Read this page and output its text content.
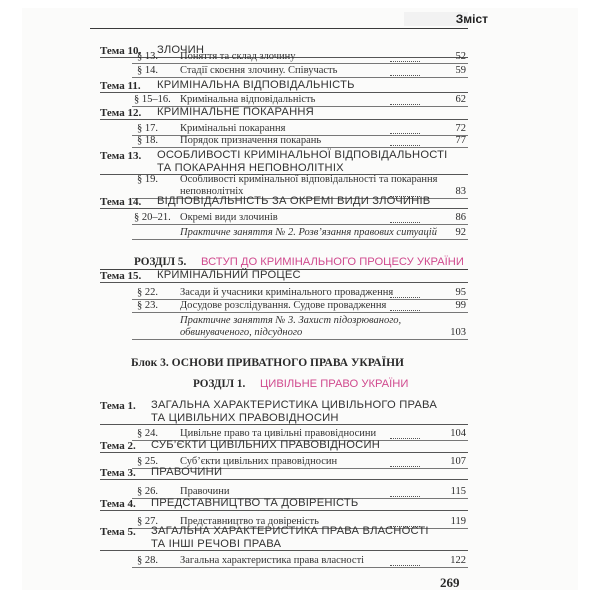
Зміст
Тема 10. ЗЛОЧИН
§ 13. Поняття та склад злочину	52
§ 14. Стадії скоєння злочину. Співучасть	59
Тема 11. КРИМІНАЛЬНА ВІДПОВІДАЛЬНІСТЬ
§ 15–16. Кримінальна відповідальність	62
Тема 12. КРИМІНАЛЬНЕ ПОКАРАННЯ
§ 17. Кримінальні покарання	72
§ 18. Порядок призначення покарань	77
Тема 13. ОСОБЛИВОСТІ КРИМІНАЛЬНОЇ ВІДПОВІДАЛЬНОСТІ
ТА ПОКАРАННЯ НЕПОВНОЛІТНІХ
§ 19. Особливості кримінальної відповідальності та покарання
неповнолітніх	83
Тема 14. ВІДПОВІДАЛЬНІСТЬ ЗА ОКРЕМІ ВИДИ ЗЛОЧИНІВ
§ 20–21. Окремі види злочинів	86
Практичне заняття № 2. Розв’язання правових ситуацій	92
РОЗДІЛ 5. ВСТУП ДО КРИМІНАЛЬНОГО ПРОЦЕСУ УКРАЇНИ
Тема 15. КРИМІНАЛЬНИЙ ПРОЦЕС
§ 22. Засади й учасники кримінального провадження	95
§ 23. Досудове розслідування. Судове провадження	99
Практичне заняття № 3. Захист підозрюваного,
обвинуваченого, підсудного	103
Блок 3. ОСНОВИ ПРИВАТНОГО ПРАВА УКРАЇНИ
РОЗДІЛ 1. ЦИВІЛЬНЕ ПРАВО УКРАЇНИ
Тема 1. ЗАГАЛЬНА ХАРАКТЕРИСТИКА ЦИВІЛЬНОГО ПРАВА
ТА ЦИВІЛЬНИХ ПРАВОВІДНОСИН
§ 24. Цивільне право та цивільні правовідносини	104
Тема 2. СУБ’ЄКТИ ЦИВІЛЬНИХ ПРАВОВІДНОСИН
§ 25. Суб’єкти цивільних правовідносин	107
Тема 3. ПРАВОЧИНИ
§ 26. Правочини	115
Тема 4. ПРЕДСТАВНИЦТВО ТА ДОВІРЕНІСТЬ
§ 27. Представництво та довіреність	119
Тема 5. ЗАГАЛЬНА ХАРАКТЕРИСТИКА ПРАВА ВЛАСНОСТІ
ТА ІНШІ РЕЧОВІ ПРАВА
§ 28. Загальна характеристика права власності	122
269
